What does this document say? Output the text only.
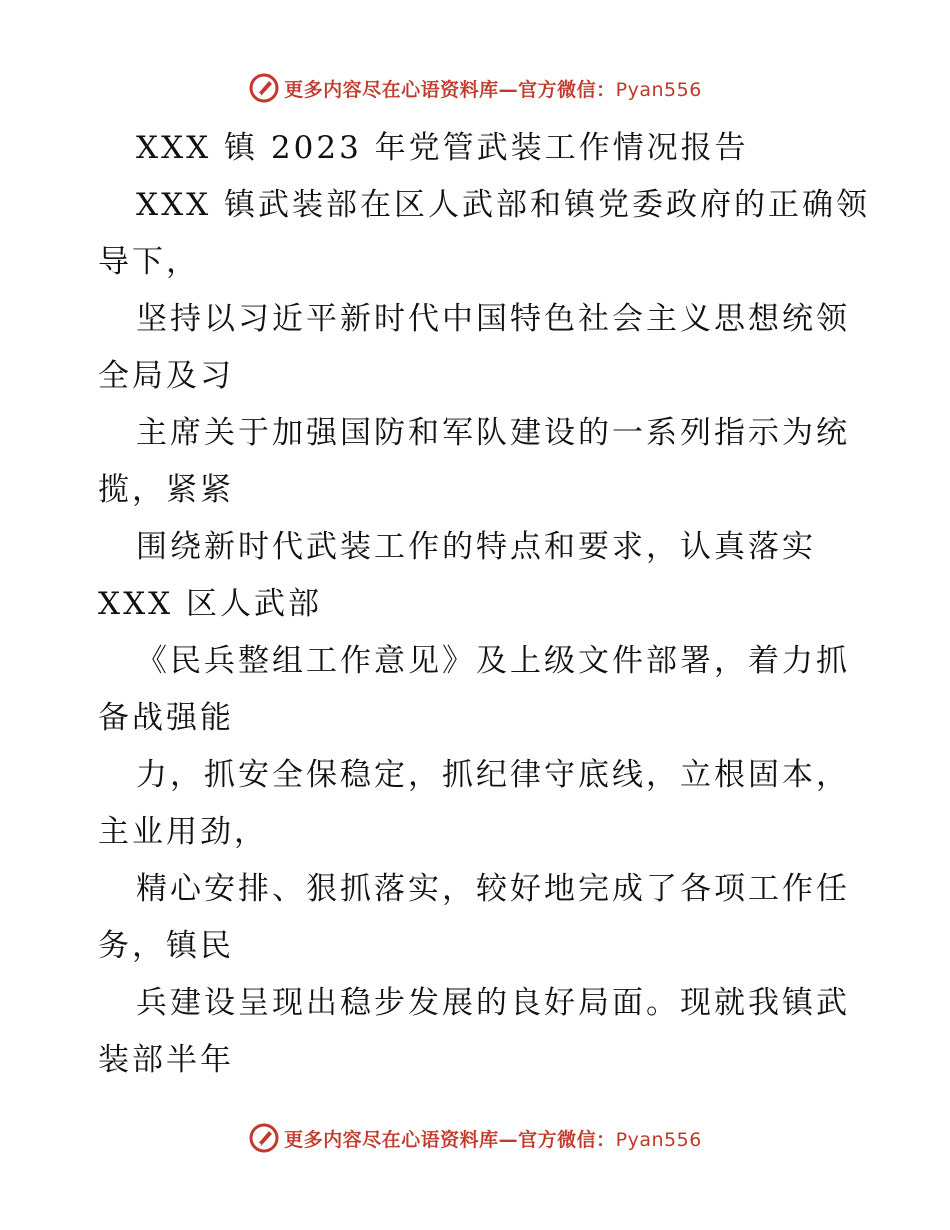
更多内容尽在心语资料库—官方微信：Pyan556
XXX 镇 2023 年党管武装工作情况报告
XXX 镇武装部在区人武部和镇党委政府的正确领
导下，
坚持以习近平新时代中国特色社会主义思想统领
全局及习
主席关于加强国防和军队建设的一系列指示为统
揽，紧紧
围绕新时代武装工作的特点和要求，认真落实
XXX 区人武部
《民兵整组工作意见》及上级文件部署，着力抓
备战强能
力，抓安全保稳定，抓纪律守底线，立根固本，
主业用劲，
精心安排、狠抓落实，较好地完成了各项工作任
务，镇民
兵建设呈现出稳步发展的良好局面。现就我镇武
装部半年
更多内容尽在心语资料库—官方微信：Pyan556
